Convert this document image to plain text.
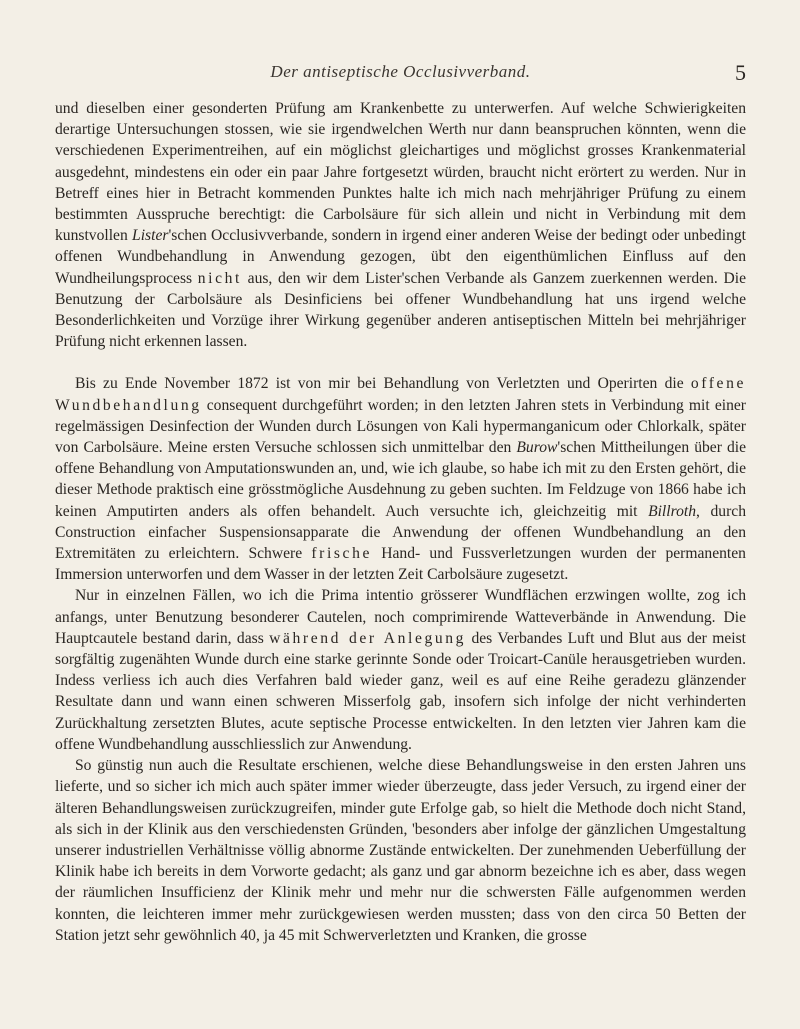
Der antiseptische Occlusivverband.	5

und dieselben einer gesonderten Prüfung am Krankenbette zu unterwerfen. Auf welche Schwierigkeiten derartige Untersuchungen stossen, wie sie irgendwelchen Werth nur dann beanspruchen könnten, wenn die verschiedenen Experimentreihen, auf ein möglichst gleichartiges und möglichst grosses Krankenmaterial ausgedehnt, mindestens ein oder ein paar Jahre fortgesetzt würden, braucht nicht erörtert zu werden. Nur in Betreff eines hier in Betracht kommenden Punktes halte ich mich nach mehrjähriger Prüfung zu einem bestimmten Ausspruche berechtigt: die Carbolsäure für sich allein und nicht in Verbindung mit dem kunstvollen Lister'schen Occlusivverbande, sondern in irgend einer anderen Weise der bedingt oder unbedingt offenen Wundbehandlung in Anwendung gezogen, übt den eigenthümlichen Einfluss auf den Wundheilungsprocess nicht aus, den wir dem Lister'schen Verbande als Ganzem zuerkennen werden. Die Benutzung der Carbolsäure als Desinficiens bei offener Wundbehandlung hat uns irgend welche Besonderlichkeiten und Vorzüge ihrer Wirkung gegenüber anderen antiseptischen Mitteln bei mehrjähriger Prüfung nicht erkennen lassen.

Bis zu Ende November 1872 ist von mir bei Behandlung von Verletzten und Operirten die offene Wundbehandlung consequent durchgeführt worden; in den letzten Jahren stets in Verbindung mit einer regelmässigen Desinfection der Wunden durch Lösungen von Kali hypermanganicum oder Chlorkalk, später von Carbolsäure. Meine ersten Versuche schlossen sich unmittelbar den Burow'schen Mittheilungen über die offene Behandlung von Amputationswunden an, und, wie ich glaube, so habe ich mit zu den Ersten gehört, die dieser Methode praktisch eine grösstmögliche Ausdehnung zu geben suchten. Im Feldzuge von 1866 habe ich keinen Amputirten anders als offen behandelt. Auch versuchte ich, gleichzeitig mit Billroth, durch Construction einfacher Suspensionsapparate die Anwendung der offenen Wundbehandlung an den Extremitäten zu erleichtern. Schwere frische Hand- und Fussverletzungen wurden der permanenten Immersion unterworfen und dem Wasser in der letzten Zeit Carbolsäure zugesetzt.

Nur in einzelnen Fällen, wo ich die Prima intentio grösserer Wundflächen erzwingen wollte, zog ich anfangs, unter Benutzung besonderer Cautelen, noch comprimirende Watteverbände in Anwendung. Die Hauptcautele bestand darin, dass während der Anlegung des Verbandes Luft und Blut aus der meist sorgfältig zugenähten Wunde durch eine starke gerinnte Sonde oder Troicart-Canüle herausgetrieben wurden. Indess verliess ich auch dies Verfahren bald wieder ganz, weil es auf eine Reihe geradezu glänzender Resultate dann und wann einen schweren Misserfolg gab, insofern sich infolge der nicht verhinderten Zurückhaltung zersetzten Blutes, acute septische Processe entwickelten. In den letzten vier Jahren kam die offene Wundbehandlung ausschliesslich zur Anwendung.

So günstig nun auch die Resultate erschienen, welche diese Behandlungsweise in den ersten Jahren uns lieferte, und so sicher ich mich auch später immer wieder überzeugte, dass jeder Versuch, zu irgend einer der älteren Behandlungsweisen zurückzugreifen, minder gute Erfolge gab, so hielt die Methode doch nicht Stand, als sich in der Klinik aus den verschiedensten Gründen, 'besonders aber infolge der gänzlichen Umgestaltung unserer industriellen Verhältnisse völlig abnorme Zustände entwickelten. Der zunehmenden Ueberfüllung der Klinik habe ich bereits in dem Vorworte gedacht; als ganz und gar abnorm bezeichne ich es aber, dass wegen der räumlichen Insufficienz der Klinik mehr und mehr nur die schwersten Fälle aufgenommen werden konnten, die leichteren immer mehr zurückgewiesen werden mussten; dass von den circa 50 Betten der Station jetzt sehr gewöhnlich 40, ja 45 mit Schwerverletzten und Kranken, die grosse
